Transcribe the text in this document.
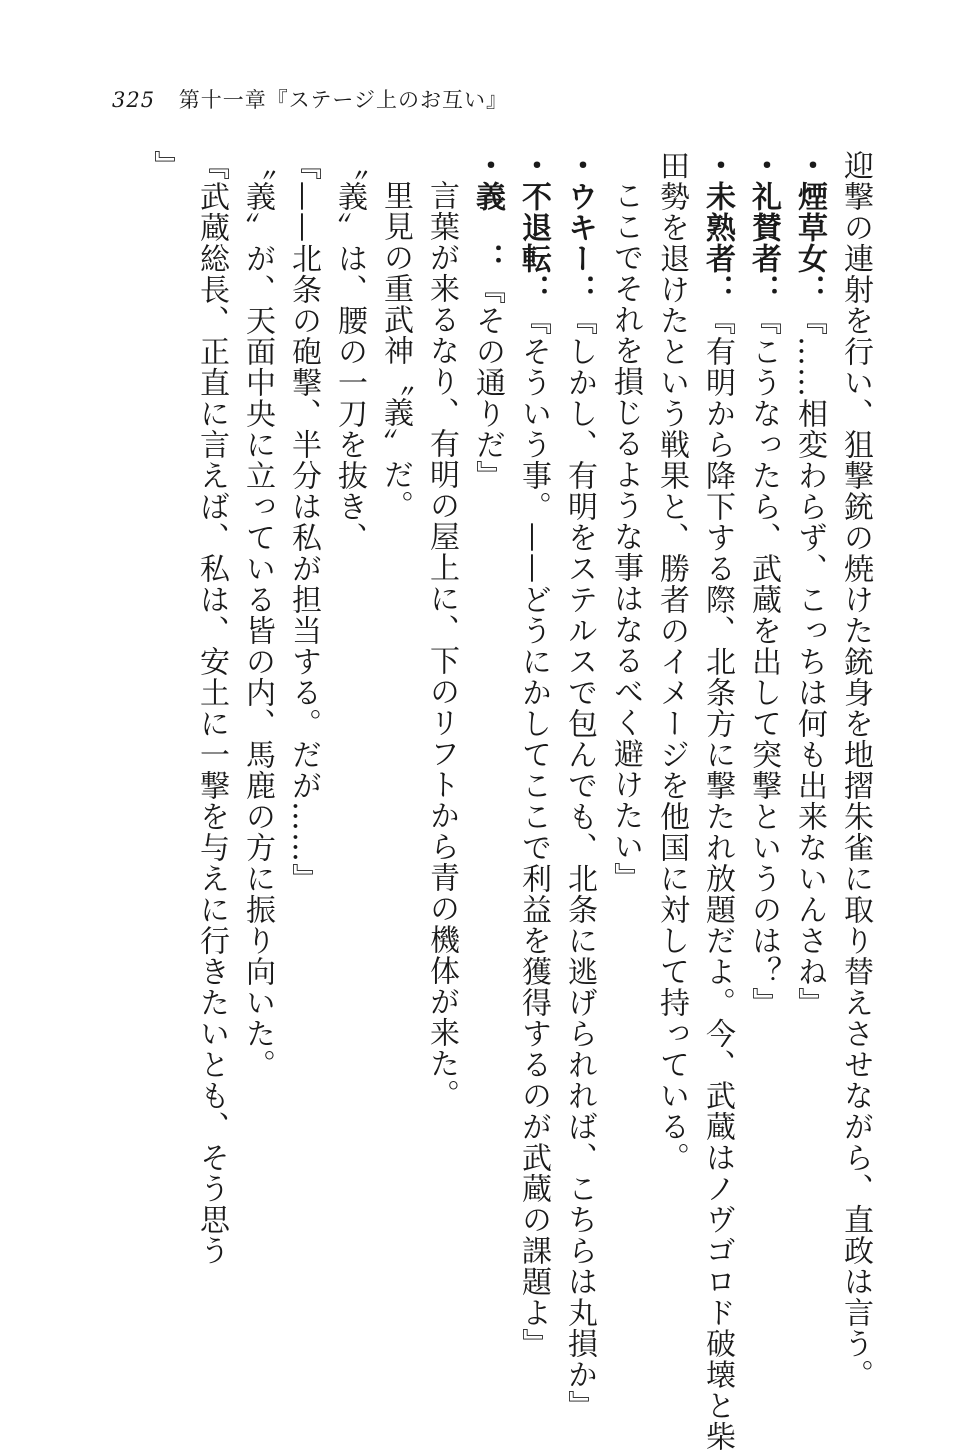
325 第十一章『ステージ上のお互い』
迎撃の連射を行い、狙撃銃の焼けた銃身を地摺朱雀に取り替えさせながら、直政は言う。
・煙草女：『……相変わらず、こっちは何も出来ないんさね』
・礼賛者：『こうなったら、武蔵を出して突撃というのは？』
・未熟者：『有明から降下する際、北条方に撃たれ放題だよ。今、武蔵はノヴゴロド破壊と柴
田勢を退けたという戦果と、勝者のイメージを他国に対して持っている。
ここでそれを損じるような事はなるべく避けたい』
・ウキー：『しかし、有明をステルスで包んでも、北条に逃げられれば、こちらは丸損か』
・不退転：『そういう事。——どうにかしてここで利益を獲得するのが武蔵の課題よ』
・義　：『その通りだ』
言葉が来るなり、有明の屋上に、下のリフトから青の機体が来た。
里見の重武神〝義〟だ。
〝義〟は、腰の一刀を抜き、
『——北条の砲撃、半分は私が担当する。だが……』
〝義〟が、天面中央に立っている皆の内、馬鹿の方に振り向いた。
『武蔵総長、正直に言えば、私は、安土に一撃を与えに行きたいとも、そう思う
』
